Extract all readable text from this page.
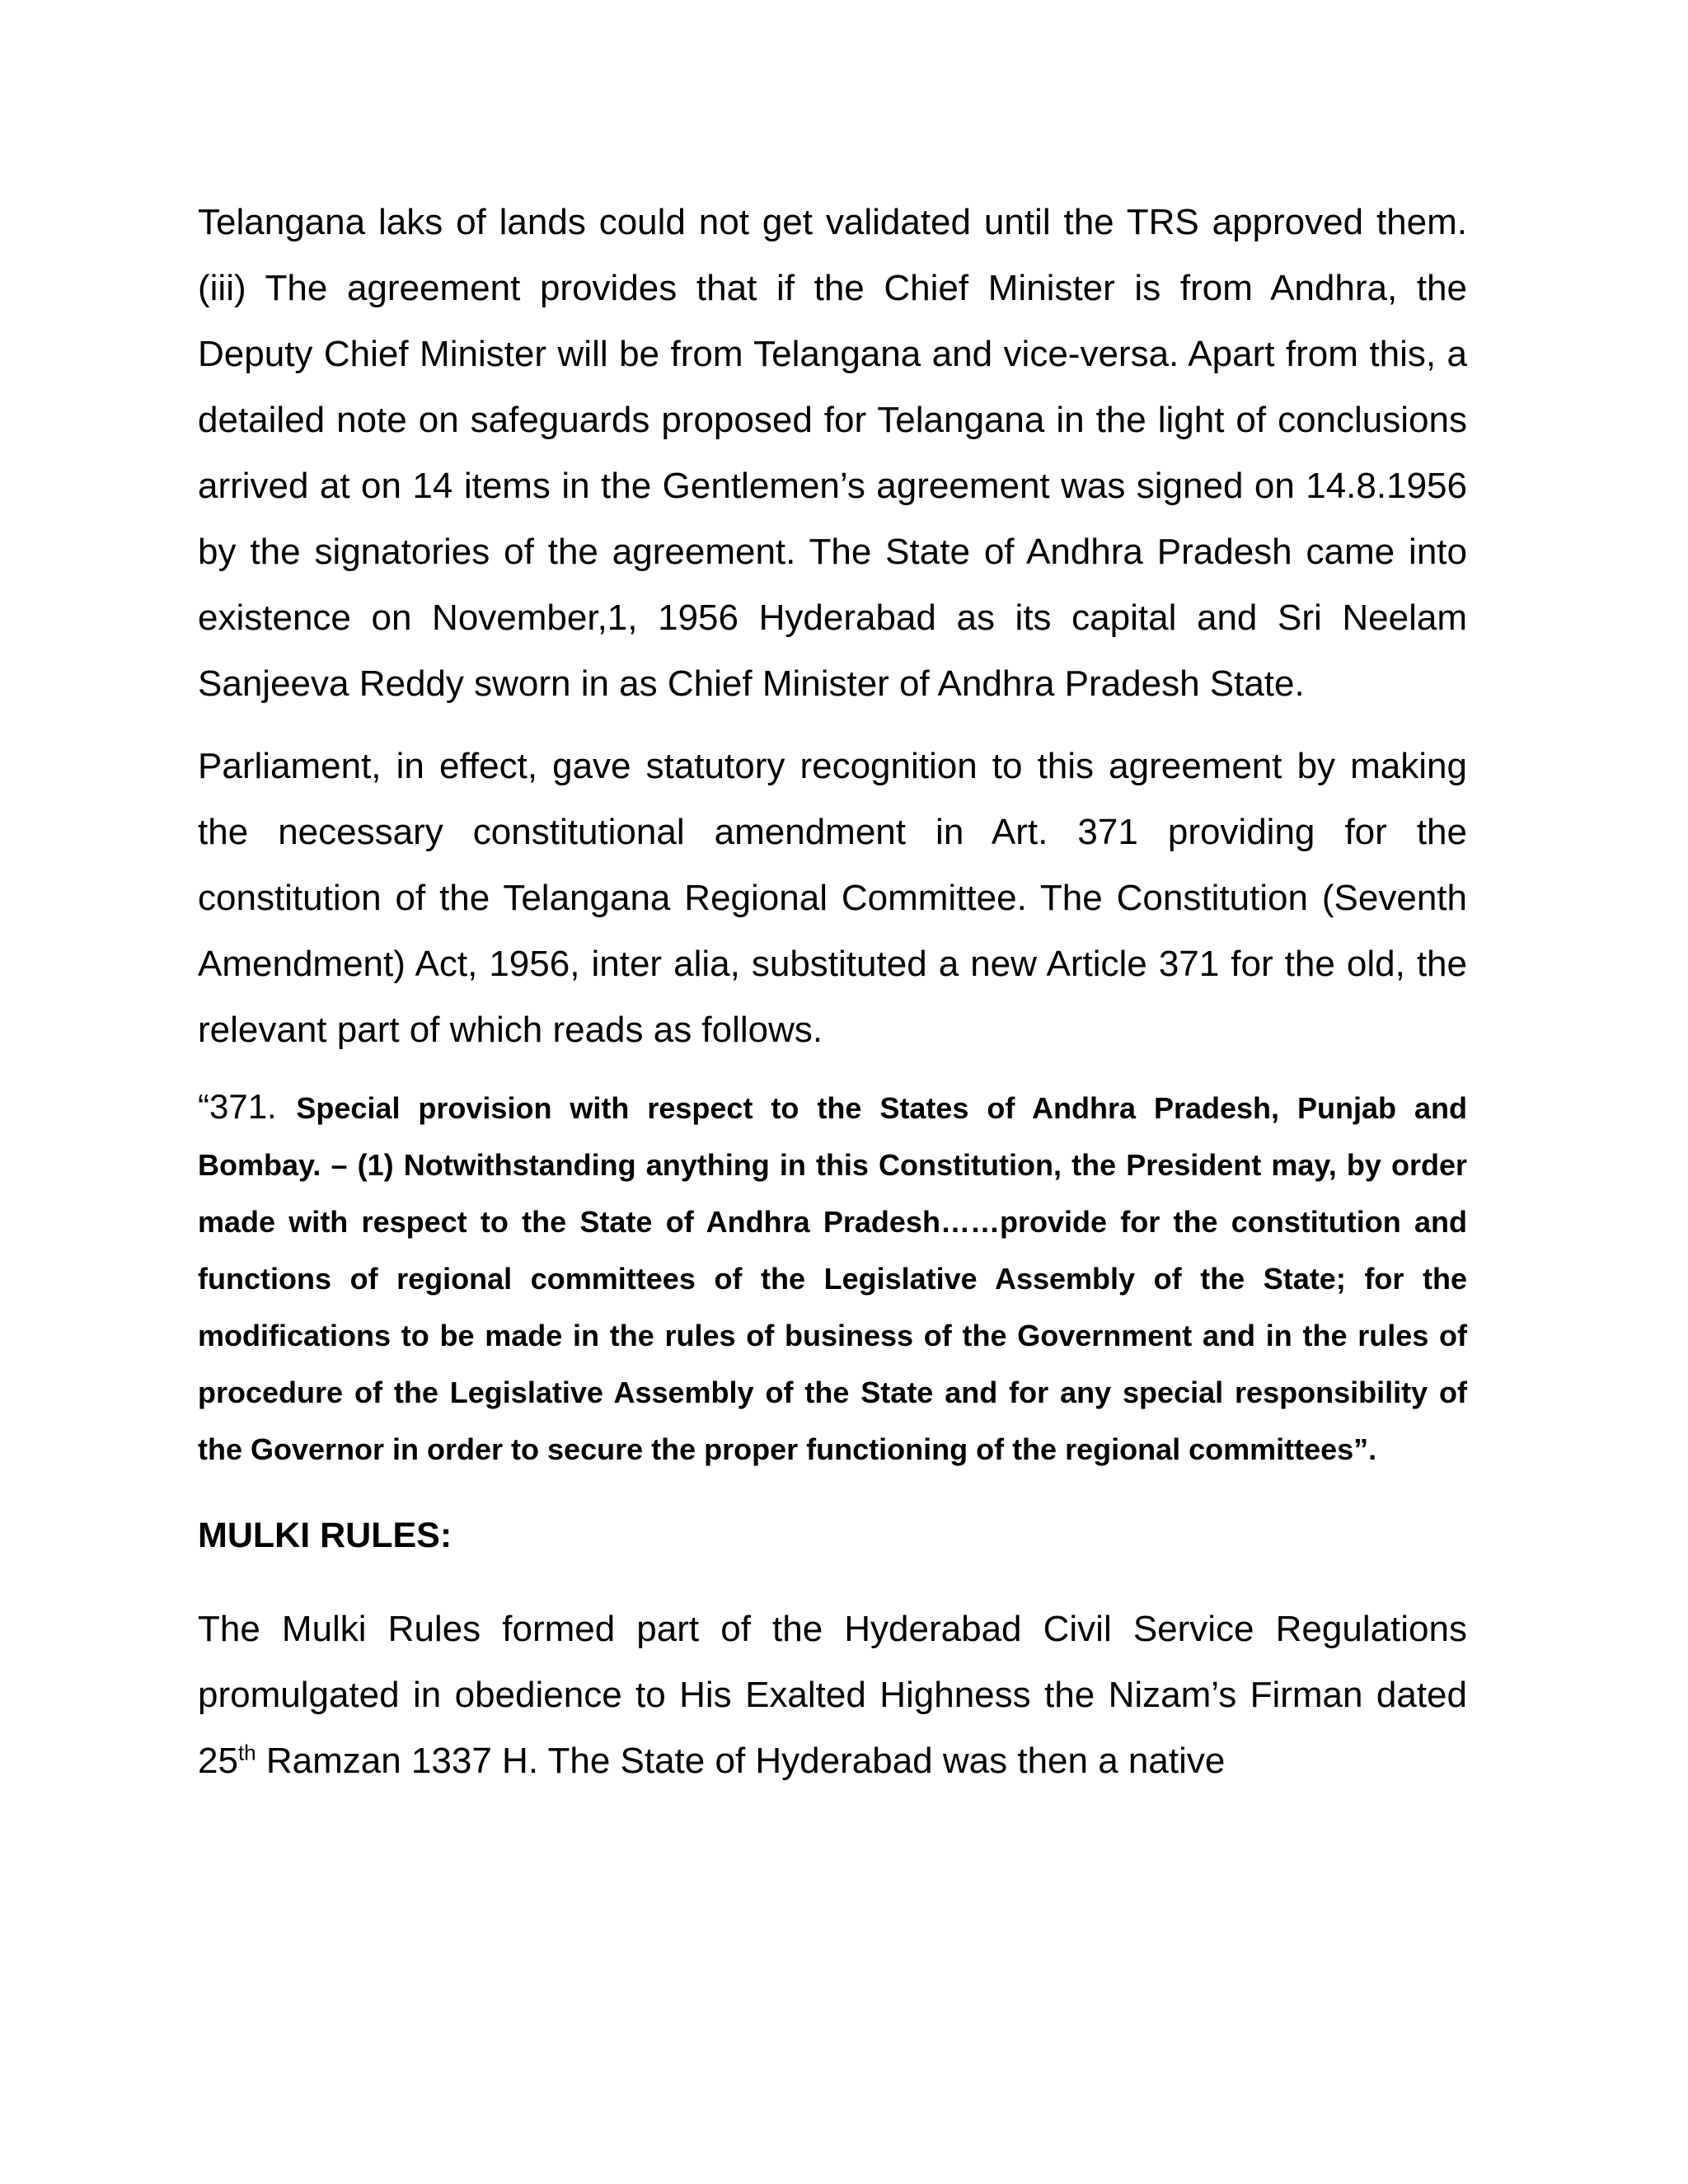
Telangana laks of lands could not get validated until the TRS approved them. (iii) The agreement provides that if the Chief Minister is from Andhra, the Deputy Chief Minister will be from Telangana and vice-versa. Apart from this, a detailed note on safeguards proposed for Telangana in the light of conclusions arrived at on 14 items in the Gentlemen’s agreement was signed on 14.8.1956 by the signatories of the agreement. The State of Andhra Pradesh came into existence on November,1, 1956 Hyderabad as its capital and Sri Neelam Sanjeeva Reddy sworn in as Chief Minister of Andhra Pradesh State.

Parliament, in effect, gave statutory recognition to this agreement by making the necessary constitutional amendment in Art. 371 providing for the constitution of the Telangana Regional Committee. The Constitution (Seventh Amendment) Act, 1956, inter alia, substituted a new Article 371 for the old, the relevant part of which reads as follows.

“371. Special provision with respect to the States of Andhra Pradesh, Punjab and Bombay. – (1) Notwithstanding anything in this Constitution, the President may, by order made with respect to the State of Andhra Pradesh……provide for the constitution and functions of regional committees of the Legislative Assembly of the State; for the modifications to be made in the rules of business of the Government and in the rules of procedure of the Legislative Assembly of the State and for any special responsibility of the Governor in order to secure the proper functioning of the regional committees”.

MULKI RULES:

The Mulki Rules formed part of the Hyderabad Civil Service Regulations promulgated in obedience to His Exalted Highness the Nizam’s Firman dated 25th Ramzan 1337 H. The State of Hyderabad was then a native
